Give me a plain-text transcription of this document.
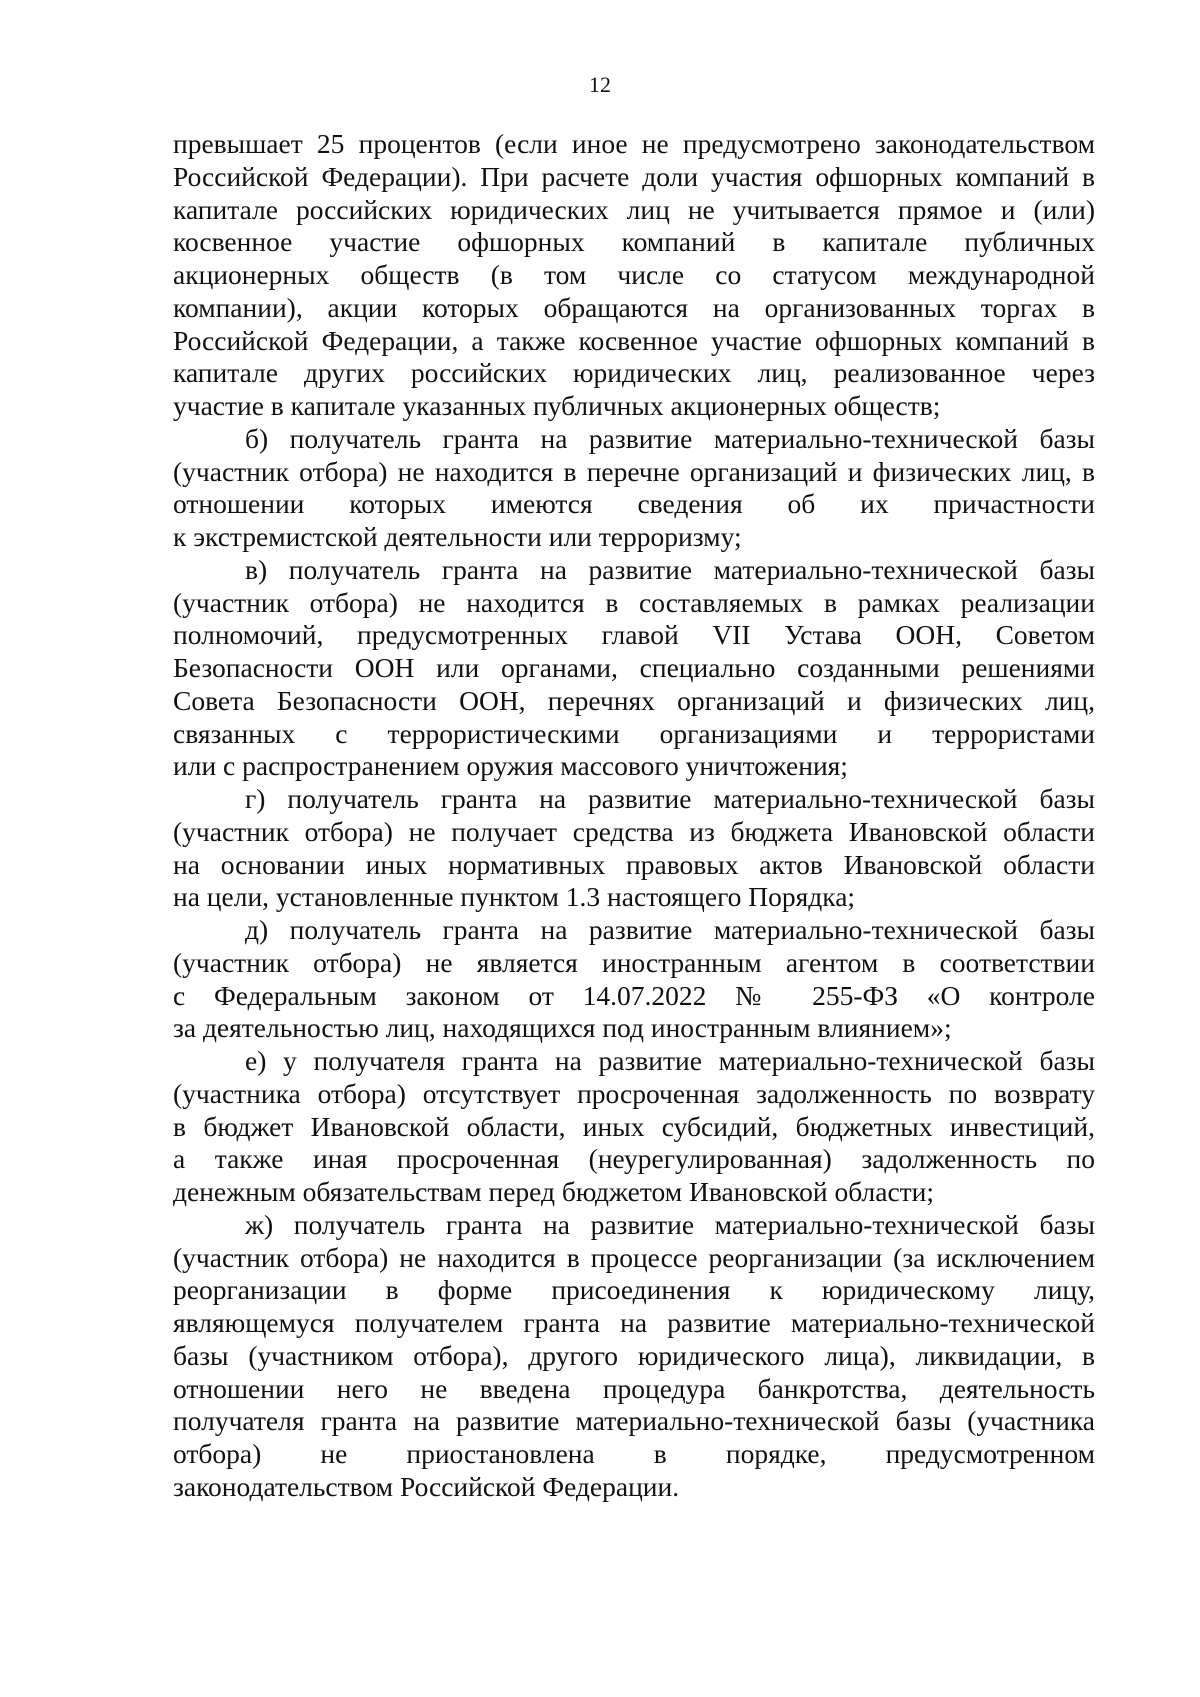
12
превышает 25 процентов (если иное не предусмотрено законодательством
Российской Федерации). При расчете доли участия офшорных компаний в
капитале российских юридических лиц не учитывается прямое и (или)
косвенное участие офшорных компаний в капитале публичных
акционерных обществ (в том числе со статусом международной
компании), акции которых обращаются на организованных торгах в
Российской Федерации, а также косвенное участие офшорных компаний в
капитале других российских юридических лиц, реализованное через
участие в капитале указанных публичных акционерных обществ;
б) получатель гранта на развитие материально-технической базы
(участник отбора) не находится в перечне организаций и физических лиц, в
отношении которых имеются сведения об их причастности
к экстремистской деятельности или терроризму;
в) получатель гранта на развитие материально-технической базы
(участник отбора) не находится в составляемых в рамках реализации
полномочий, предусмотренных главой VII Устава ООН, Советом
Безопасности ООН или органами, специально созданными решениями
Совета Безопасности ООН, перечнях организаций и физических лиц,
связанных с террористическими организациями и террористами
или с распространением оружия массового уничтожения;
г) получатель гранта на развитие материально-технической базы
(участник отбора) не получает средства из бюджета Ивановской области
на основании иных нормативных правовых актов Ивановской области
на цели, установленные пунктом 1.3 настоящего Порядка;
д) получатель гранта на развитие материально-технической базы
(участник отбора) не является иностранным агентом в соответствии
с Федеральным законом от 14.07.2022 № 255-ФЗ «О контроле
за деятельностью лиц, находящихся под иностранным влиянием»;
е) у получателя гранта на развитие материально-технической базы
(участника отбора) отсутствует просроченная задолженность по возврату
в бюджет Ивановской области, иных субсидий, бюджетных инвестиций,
а также иная просроченная (неурегулированная) задолженность по
денежным обязательствам перед бюджетом Ивановской области;
ж) получатель гранта на развитие материально-технической базы
(участник отбора) не находится в процессе реорганизации (за исключением
реорганизации в форме присоединения к юридическому лицу,
являющемуся получателем гранта на развитие материально-технической
базы (участником отбора), другого юридического лица), ликвидации, в
отношении него не введена процедура банкротства, деятельность
получателя гранта на развитие материально-технической базы (участника
отбора) не приостановлена в порядке, предусмотренном
законодательством Российской Федерации.
